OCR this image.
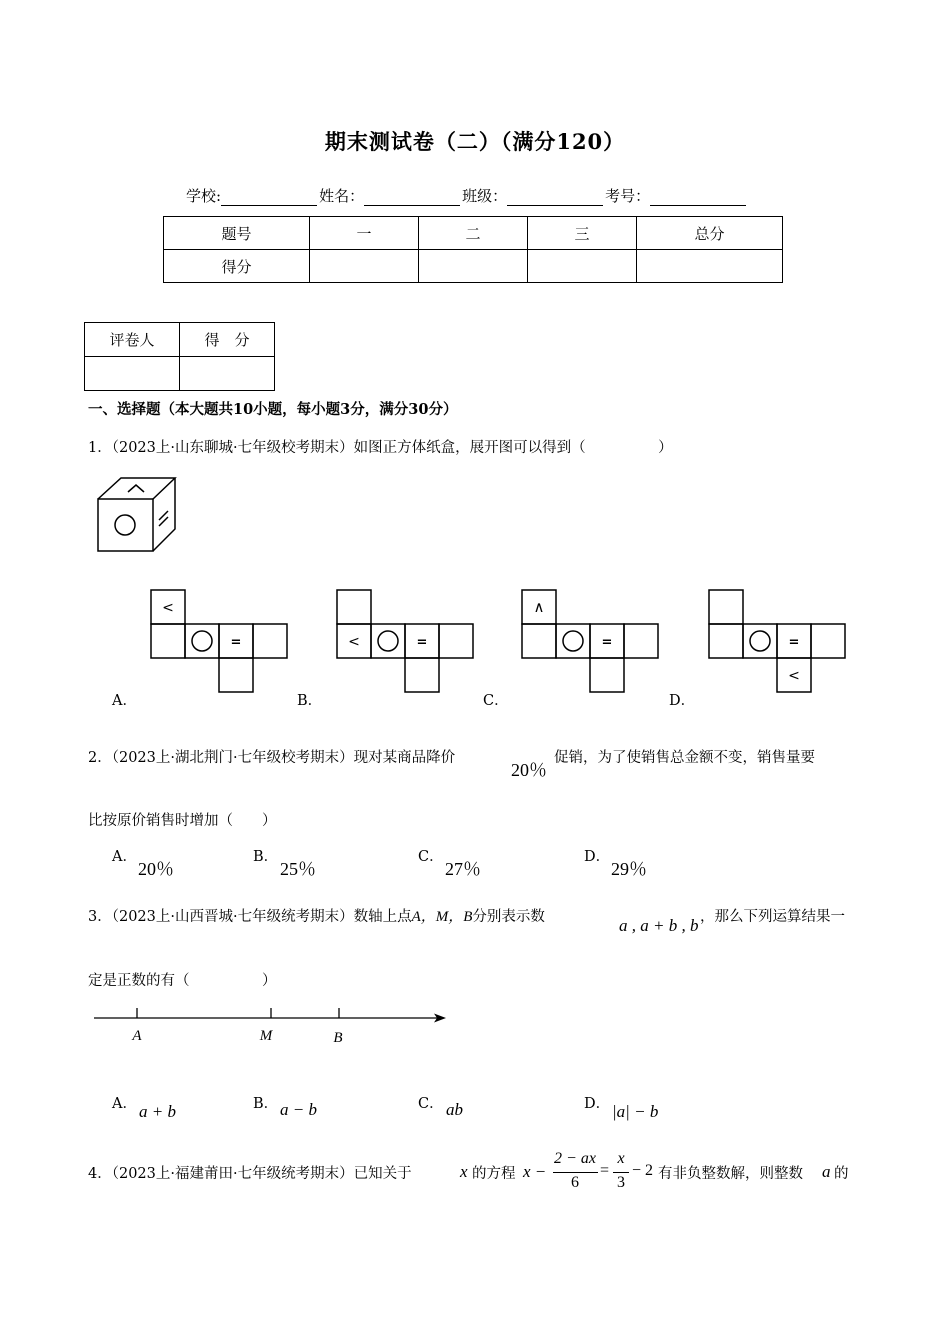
期末测试卷（二）（满分120）
学校:	姓名：	班级：	考号：
题号	一	二	三	总分
得分				
评卷人	得　分

一、选择题（本大题共10小题，每小题3分，满分30分）
1．（2023上·山东聊城·七年级校考期末）如图正方体纸盒，展开图可以得到（　　　　　）
<
=	<	=
∧
=	=
<
A．	B．	C．	D．
2．（2023上·湖北荆门·七年级校考期末）现对某商品降价
20％
促销，为了使销售总金额不变，销售量要
比按原价销售时增加（　　）
A．
20％
B．
25％
C．
27％
D．
29％
3．（2023上·山西晋城·七年级统考期末）数轴上点A，M，B分别表示数	a , a + b , b ，那么下列运算结果一
定是正数的有（　　　　　）
A	M	B
A． a + b	B． a − b	C． ab	D． |a| − b
4．（2023上·福建莆田·七年级统考期末）已知关于	x 的方程 x −
2 − ax
6
=
x
3
− 2 有非负整数解，则整数 a 的
